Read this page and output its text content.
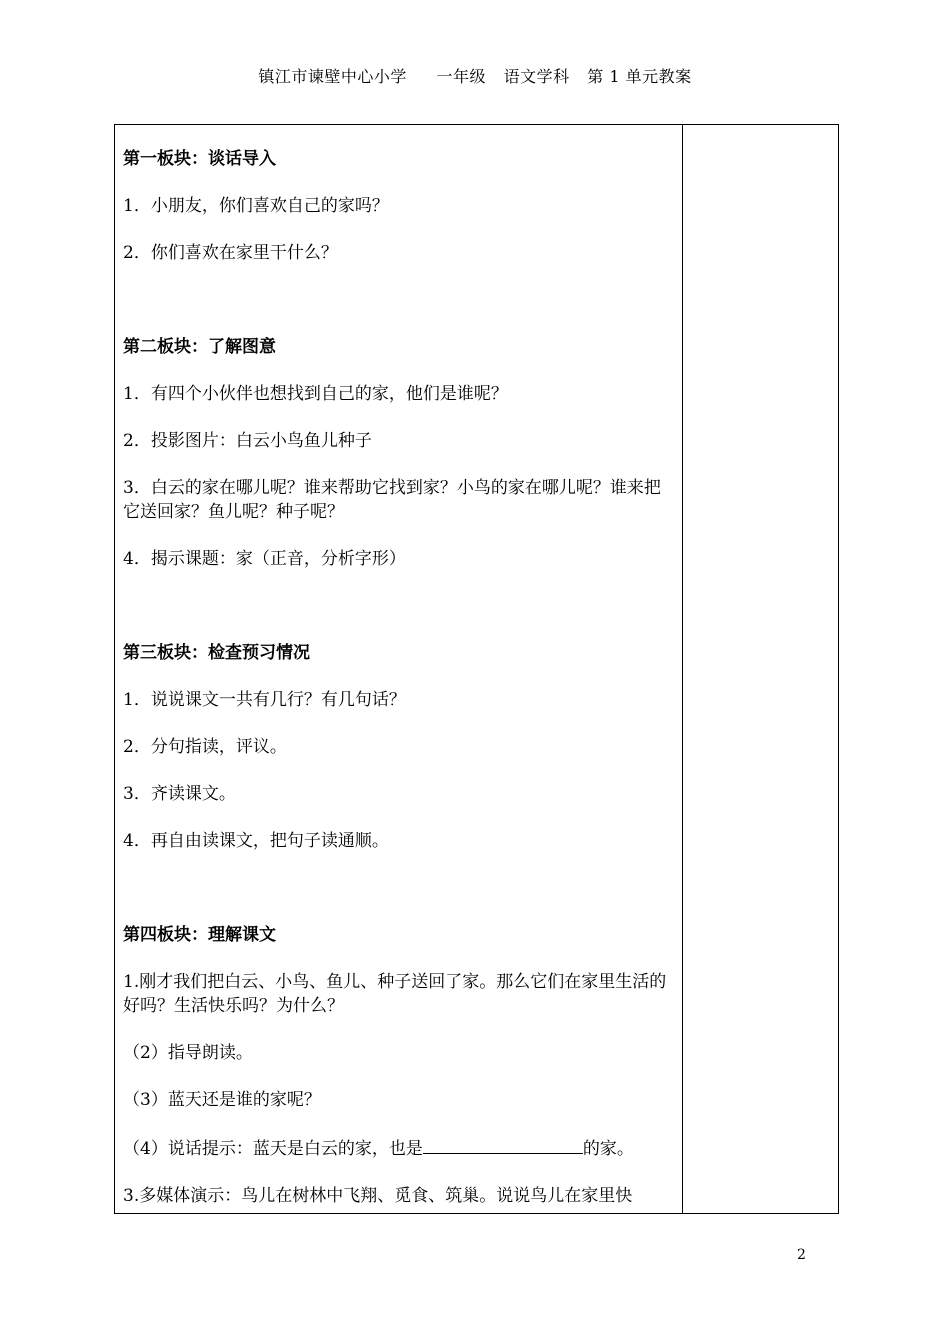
镇江市谏壁中心小学 一年级 语文学科 第 1 单元教案

第一板块：谈话导入

1．小朋友，你们喜欢自己的家吗？

2．你们喜欢在家里干什么？

第二板块：了解图意

1．有四个小伙伴也想找到自己的家，他们是谁呢？

2．投影图片：白云小鸟鱼儿种子

3．白云的家在哪儿呢？谁来帮助它找到家？小鸟的家在哪儿呢？谁来把它送回家？鱼儿呢？种子呢？

4．揭示课题：家（正音，分析字形）

第三板块：检查预习情况

1．说说课文一共有几行？有几句话？

2．分句指读，评议。

3．齐读课文。

4．再自由读课文，把句子读通顺。

第四板块：理解课文

1.刚才我们把白云、小鸟、鱼儿、种子送回了家。那么它们在家里生活的好吗？生活快乐吗？为什么？

（2）指导朗读。

（3）蓝天还是谁的家呢？

（4）说话提示：蓝天是白云的家，也是	的家。

3.多媒体演示：鸟儿在树林中飞翔、觅食、筑巢。说说鸟儿在家里快

2
